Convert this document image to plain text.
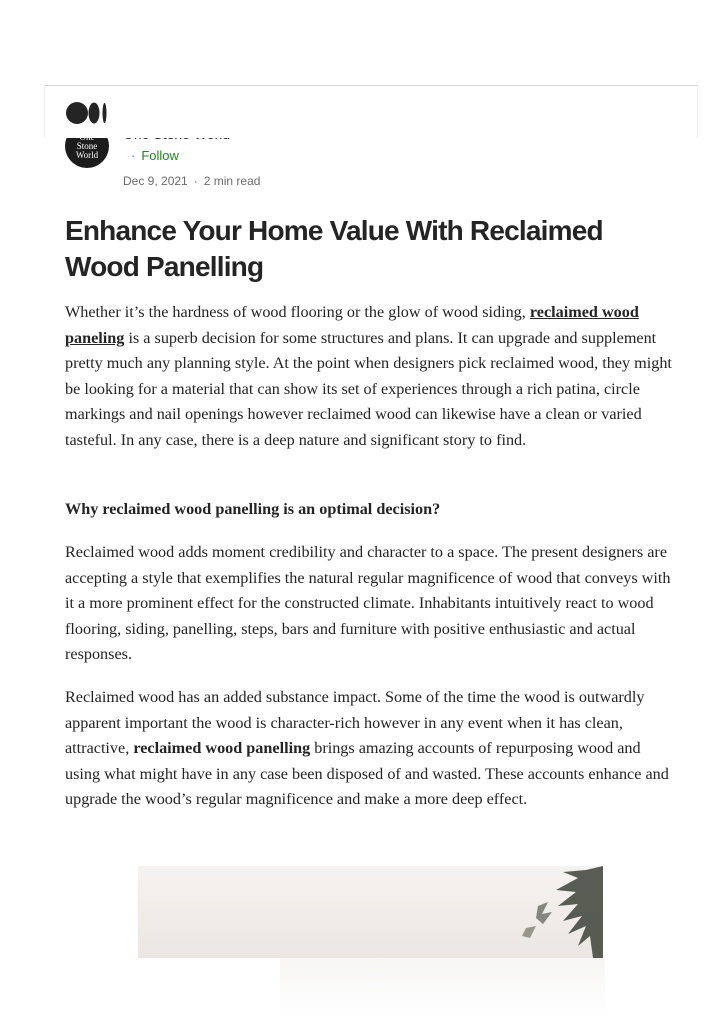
Stone
World	· Follow
Dec 9, 2021 · 2 min read
Enhance Your Home Value With Reclaimed Wood Panelling

Whether it’s the hardness of wood flooring or the glow of wood siding, reclaimed wood paneling is a superb decision for some structures and plans. It can upgrade and supplement pretty much any planning style. At the point when designers pick reclaimed wood, they might be looking for a material that can show its set of experiences through a rich patina, circle markings and nail openings however reclaimed wood can likewise have a clean or varied tasteful. In any case, there is a deep nature and significant story to find.

Why reclaimed wood panelling is an optimal decision?

Reclaimed wood adds moment credibility and character to a space. The present designers are accepting a style that exemplifies the natural regular magnificence of wood that conveys with it a more prominent effect for the constructed climate. Inhabitants intuitively react to wood flooring, siding, panelling, steps, bars and furniture with positive enthusiastic and actual responses.

Reclaimed wood has an added substance impact. Some of the time the wood is outwardly apparent important the wood is character-rich however in any event when it has clean, attractive, reclaimed wood panelling brings amazing accounts of repurposing wood and using what might have in any case been disposed of and wasted. These accounts enhance and upgrade the wood’s regular magnificence and make a more deep effect.
